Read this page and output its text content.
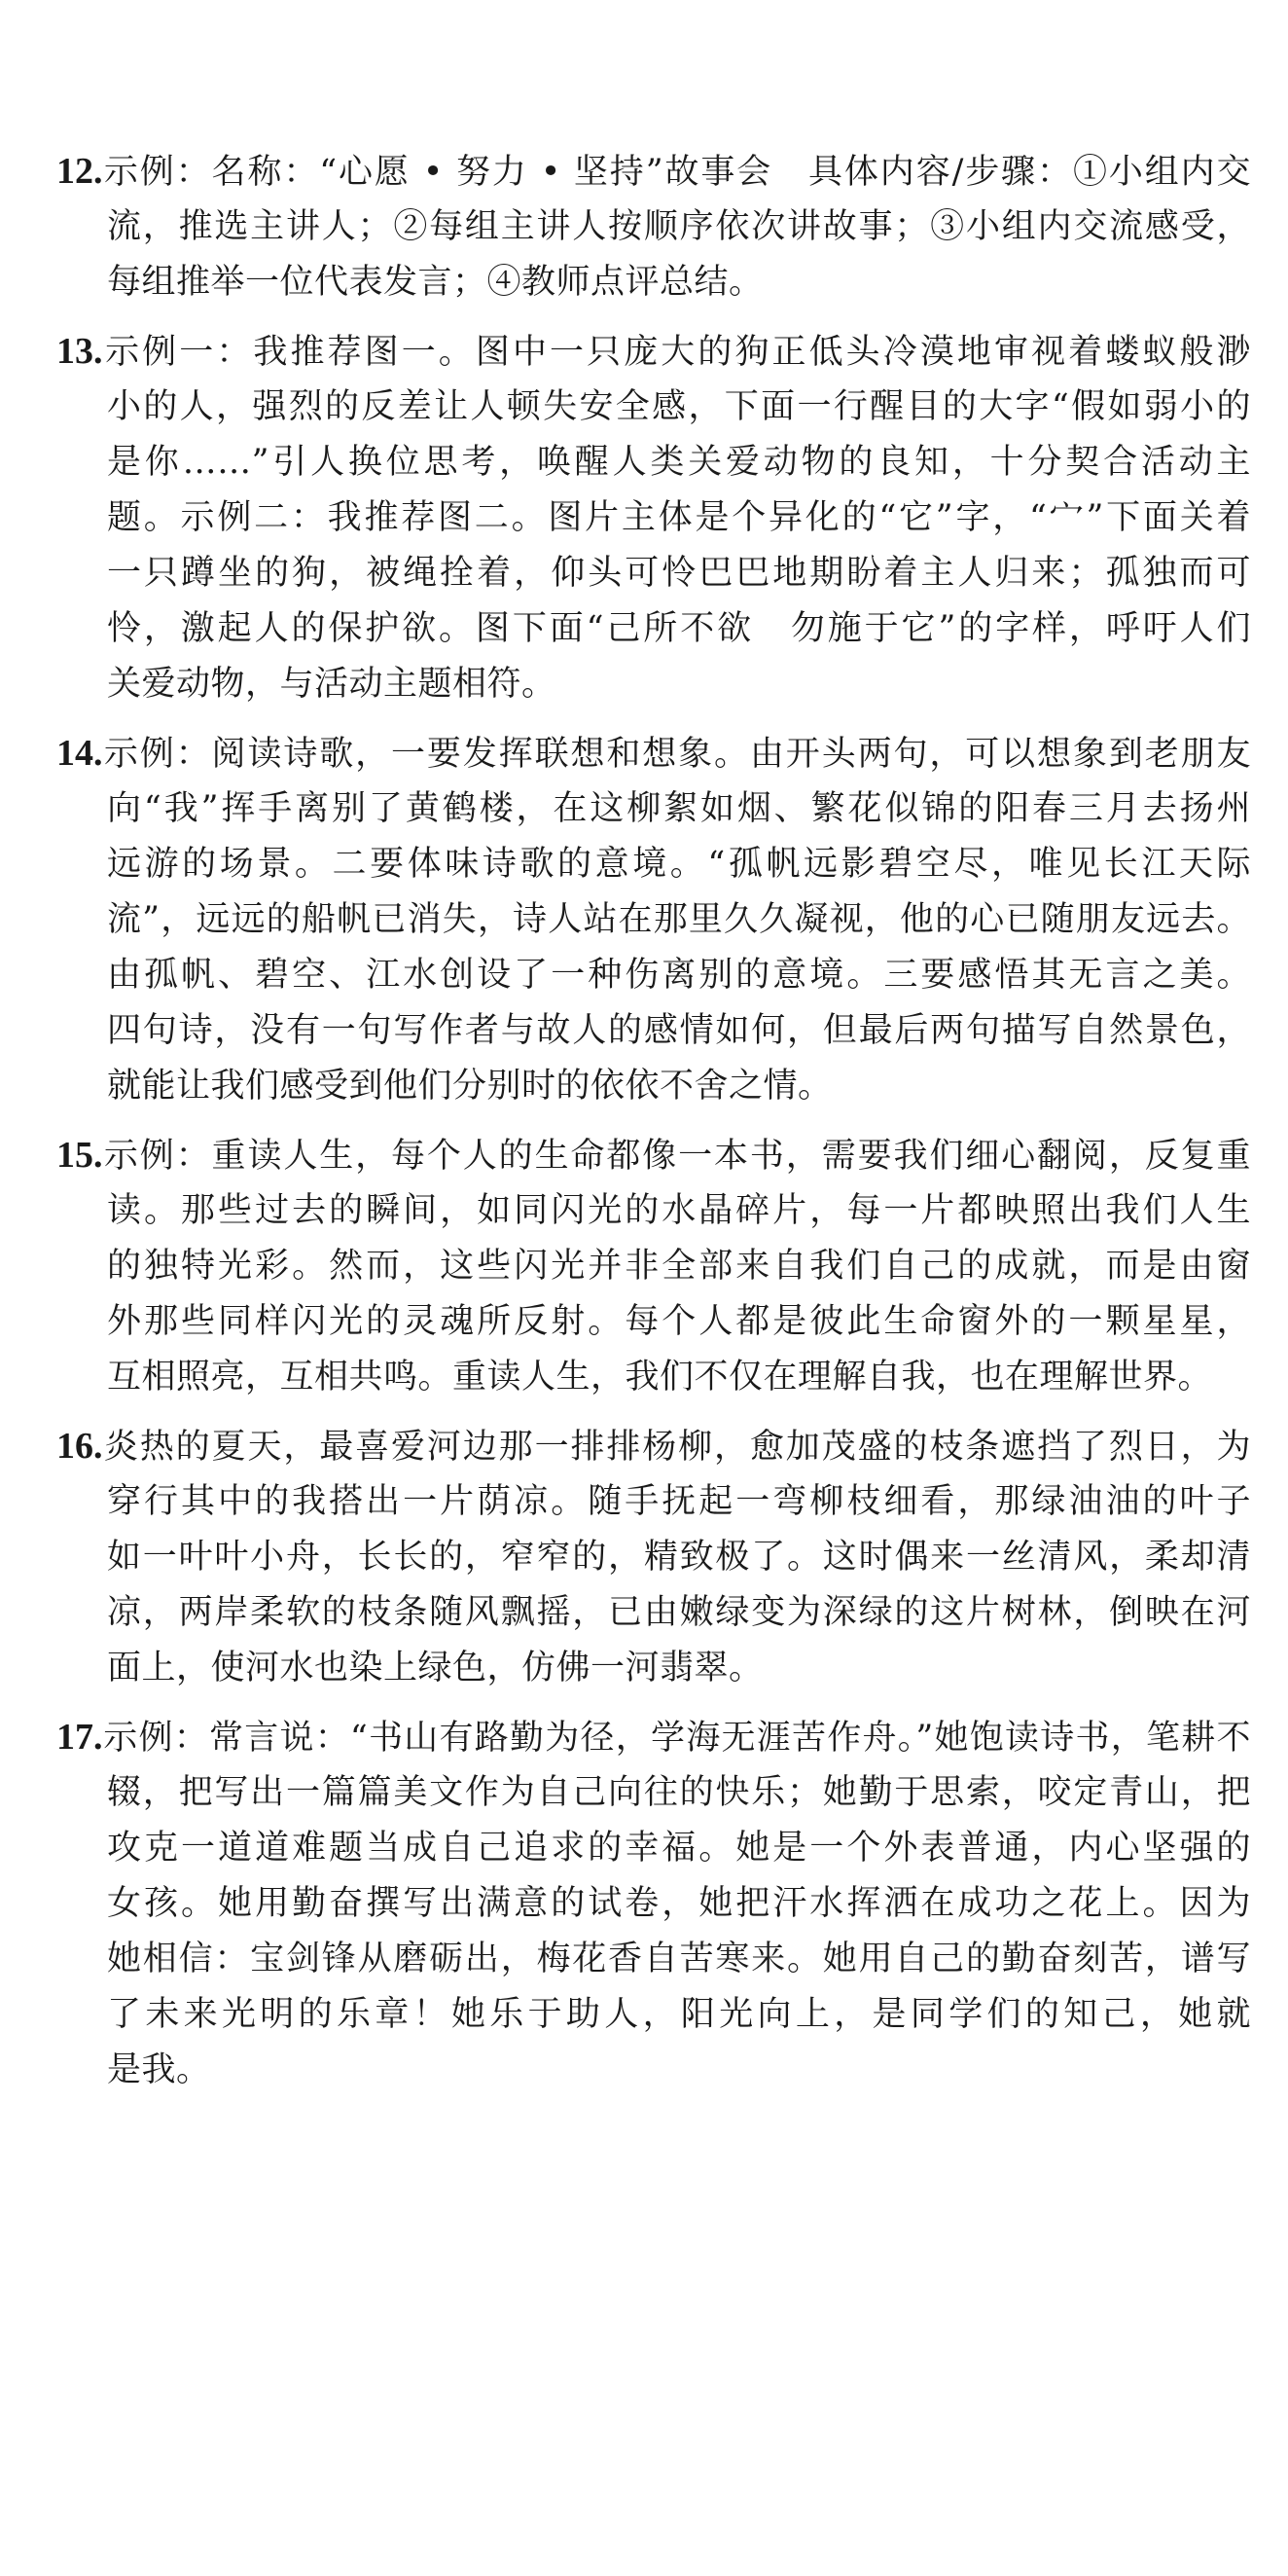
12.示例：名称：“心愿 • 努力 • 坚持”故事会　具体内容/步骤：①小组内交
流，推选主讲人；②每组主讲人按顺序依次讲故事；③小组内交流感受，
每组推举一位代表发言；④教师点评总结。
13.示例一：我推荐图一。图中一只庞大的狗正低头冷漠地审视着蝼蚁般渺
小的人，强烈的反差让人顿失安全感，下面一行醒目的大字“假如弱小的
是你……”引人换位思考，唤醒人类关爱动物的良知，十分契合活动主
题。示例二：我推荐图二。图片主体是个异化的“它”字，“宀”下面关着
一只蹲坐的狗，被绳拴着，仰头可怜巴巴地期盼着主人归来；孤独而可
怜，激起人的保护欲。图下面“己所不欲　勿施于它”的字样，呼吁人们
关爱动物，与活动主题相符。
14.示例：阅读诗歌，一要发挥联想和想象。由开头两句，可以想象到老朋友
向“我”挥手离别了黄鹤楼，在这柳絮如烟、繁花似锦的阳春三月去扬州
远游的场景。二要体味诗歌的意境。“孤帆远影碧空尽，唯见长江天际
流”，远远的船帆已消失，诗人站在那里久久凝视，他的心已随朋友远去。
由孤帆、碧空、江水创设了一种伤离别的意境。三要感悟其无言之美。
四句诗，没有一句写作者与故人的感情如何，但最后两句描写自然景色，
就能让我们感受到他们分别时的依依不舍之情。
15.示例：重读人生，每个人的生命都像一本书，需要我们细心翻阅，反复重
读。那些过去的瞬间，如同闪光的水晶碎片，每一片都映照出我们人生
的独特光彩。然而，这些闪光并非全部来自我们自己的成就，而是由窗
外那些同样闪光的灵魂所反射。每个人都是彼此生命窗外的一颗星星，
互相照亮，互相共鸣。重读人生，我们不仅在理解自我，也在理解世界。
16.炎热的夏天，最喜爱河边那一排排杨柳，愈加茂盛的枝条遮挡了烈日，为
穿行其中的我搭出一片荫凉。随手抚起一弯柳枝细看，那绿油油的叶子
如一叶叶小舟，长长的，窄窄的，精致极了。这时偶来一丝清风，柔却清
凉，两岸柔软的枝条随风飘摇，已由嫩绿变为深绿的这片树林，倒映在河
面上，使河水也染上绿色，仿佛一河翡翠。
17.示例：常言说：“书山有路勤为径，学海无涯苦作舟。”她饱读诗书，笔耕不
辍，把写出一篇篇美文作为自己向往的快乐；她勤于思索，咬定青山，把
攻克一道道难题当成自己追求的幸福。她是一个外表普通，内心坚强的
女孩。她用勤奋撰写出满意的试卷，她把汗水挥洒在成功之花上。因为
她相信：宝剑锋从磨砺出，梅花香自苦寒来。她用自己的勤奋刻苦，谱写
了未来光明的乐章！她乐于助人，阳光向上，是同学们的知己，她就
是我。
